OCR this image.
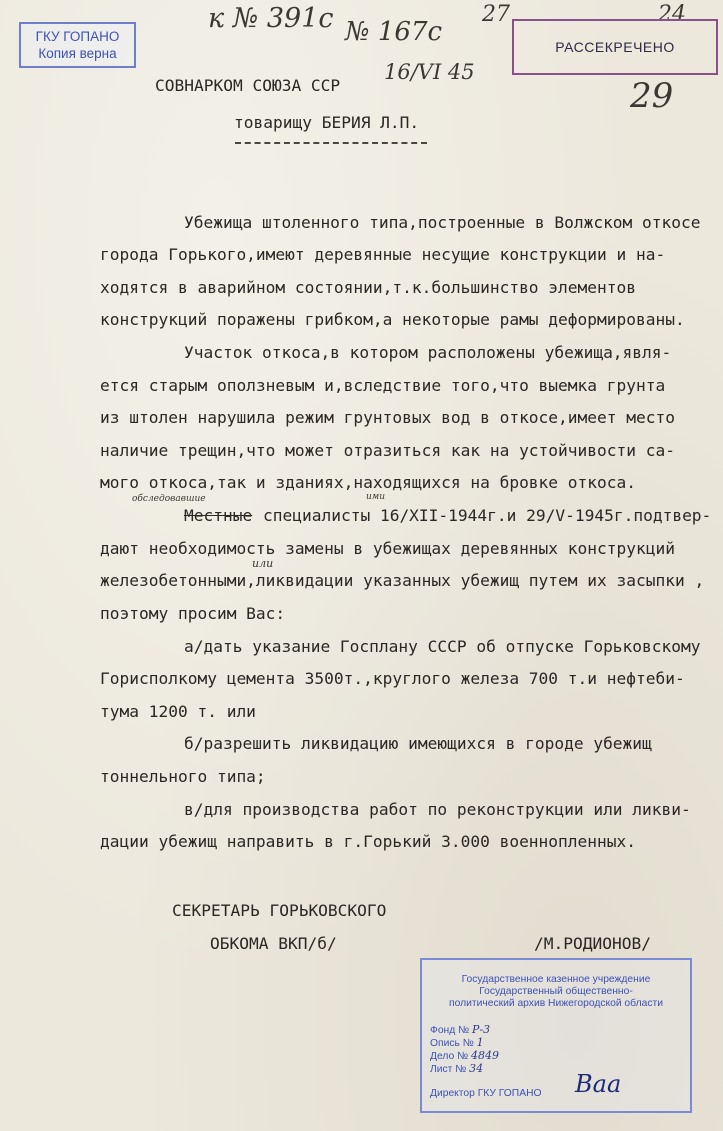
ГКУ ГОПАНО
Копия верна
к № 391с № 167с
16/VI 45
27	24
29
РАССЕКРЕЧЕНО
СОВНАРКОМ СОЮЗА ССР
товарищу БЕРИЯ Л.П.
Убежища штоленного типа,построенные в Волжском откосе
города Горького,имеют деревянные несущие конструкции и на-
ходятся в аварийном состоянии,т.к.большинство элементов
конструкций поражены грибком,а некоторые рамы деформированы.
Участок откоса,в котором расположены убежища,явля-
ется старым оползневым и,вследствие того,что выемка грунта
из штолен нарушила режим грунтовых вод в откосе,имеет место
наличие трещин,что может отразиться как на устойчивости са-
мого откоса,так и зданиях,находящихся на бровке откоса.
обследовавшие	ими
Местные специалисты 16/XII-1944г.и 29/V-1945г.подтвер-
дают необходимость замены в убежищах деревянных конструкций
или
железобетонными,ликвидации указанных убежищ путем их засыпки ,
поэтому просим Вас:
а/дать указание Госплану СССР об отпуске Горьковскому
Горисполкому цемента 3500т.,круглого железа 700 т.и нефтеби-
тума 1200 т. или
б/разрешить ликвидацию имеющихся в городе убежищ
тоннельного типа;
в/для производства работ по реконструкции или ликви-
дации убежищ направить в г.Горький 3.000 военнопленных.
СЕКРЕТАРЬ ГОРЬКОВСКОГО
ОБКОМА ВКП/б/	/М.РОДИОНОВ/
Государственное казенное учреждение
Государственный общественно-
политический архив Нижегородской области
Фонд № Р-3
Опись № 1
Дело № 4849
Лист № 34
Директор ГКУ ГОПАНО Ваа
